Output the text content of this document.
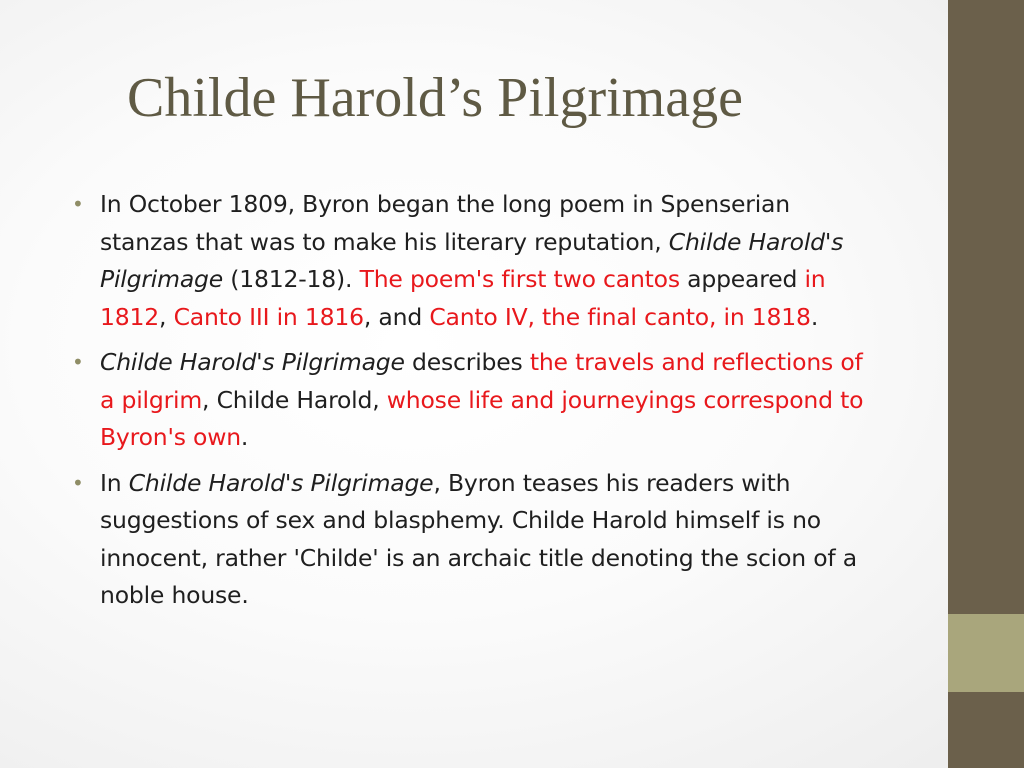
Childe Harold’s Pilgrimage
• In October 1809, Byron began the long poem in Spenserian stanzas that was to make his literary reputation, Childe Harold's Pilgrimage (1812-18). The poem's first two cantos appeared in 1812, Canto III in 1816, and Canto IV, the final canto, in 1818.
• Childe Harold's Pilgrimage describes the travels and reflections of a pilgrim, Childe Harold, whose life and journeyings correspond to Byron's own.
• In Childe Harold's Pilgrimage, Byron teases his readers with suggestions of sex and blasphemy. Childe Harold himself is no innocent, rather 'Childe' is an archaic title denoting the scion of a noble house.
